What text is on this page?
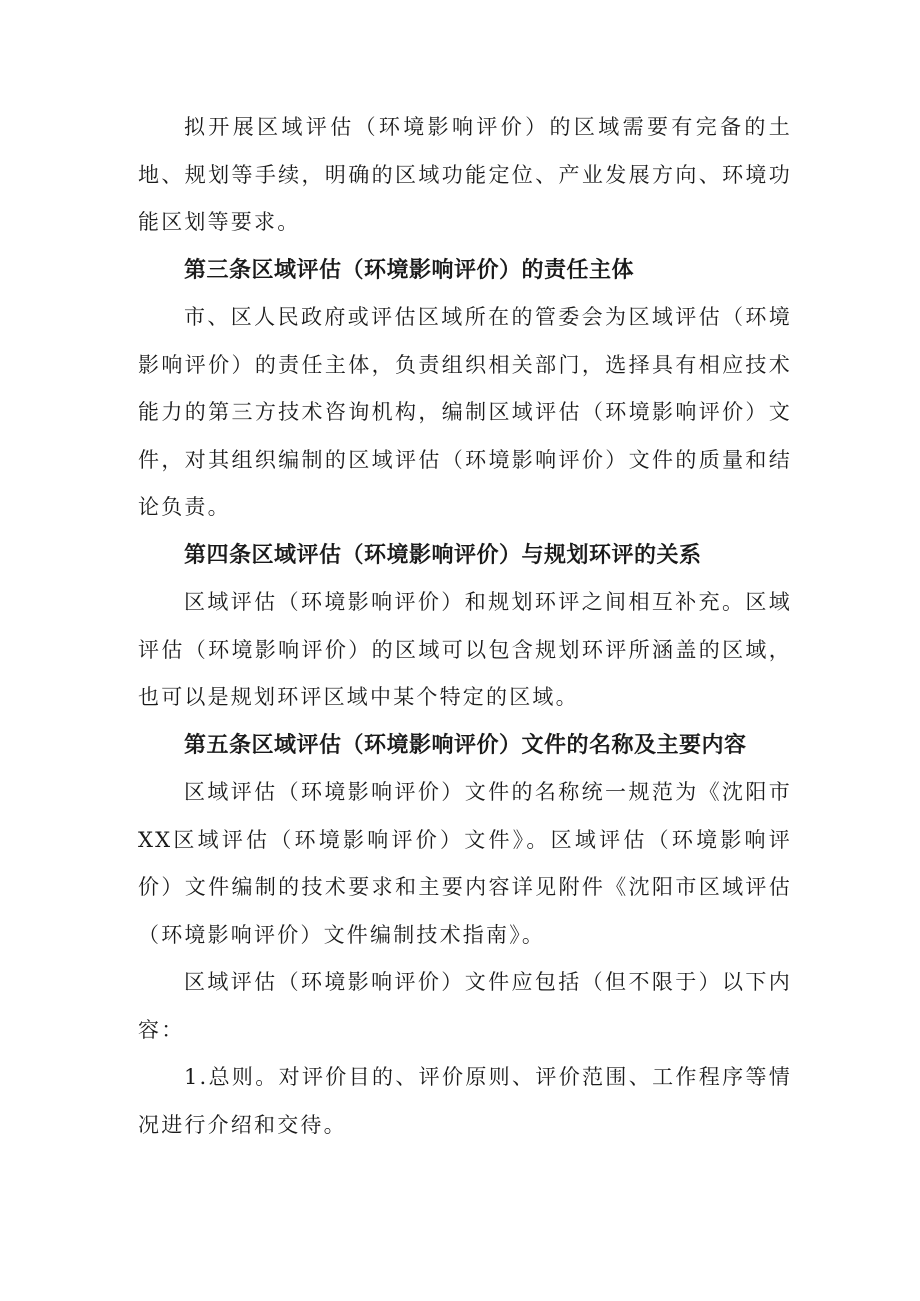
拟开展区域评估（环境影响评价）的区域需要有完备的土地、规划等手续，明确的区域功能定位、产业发展方向、环境功能区划等要求。

第三条区域评估（环境影响评价）的责任主体

市、区人民政府或评估区域所在的管委会为区域评估（环境影响评价）的责任主体，负责组织相关部门，选择具有相应技术能力的第三方技术咨询机构，编制区域评估（环境影响评价）文件，对其组织编制的区域评估（环境影响评价）文件的质量和结论负责。

第四条区域评估（环境影响评价）与规划环评的关系

区域评估（环境影响评价）和规划环评之间相互补充。区域评估（环境影响评价）的区域可以包含规划环评所涵盖的区域，也可以是规划环评区域中某个特定的区域。

第五条区域评估（环境影响评价）文件的名称及主要内容

区域评估（环境影响评价）文件的名称统一规范为《沈阳市XX区域评估（环境影响评价）文件》。区域评估（环境影响评价）文件编制的技术要求和主要内容详见附件《沈阳市区域评估（环境影响评价）文件编制技术指南》。

区域评估（环境影响评价）文件应包括（但不限于）以下内容：

1.总则。对评价目的、评价原则、评价范围、工作程序等情况进行介绍和交待。
